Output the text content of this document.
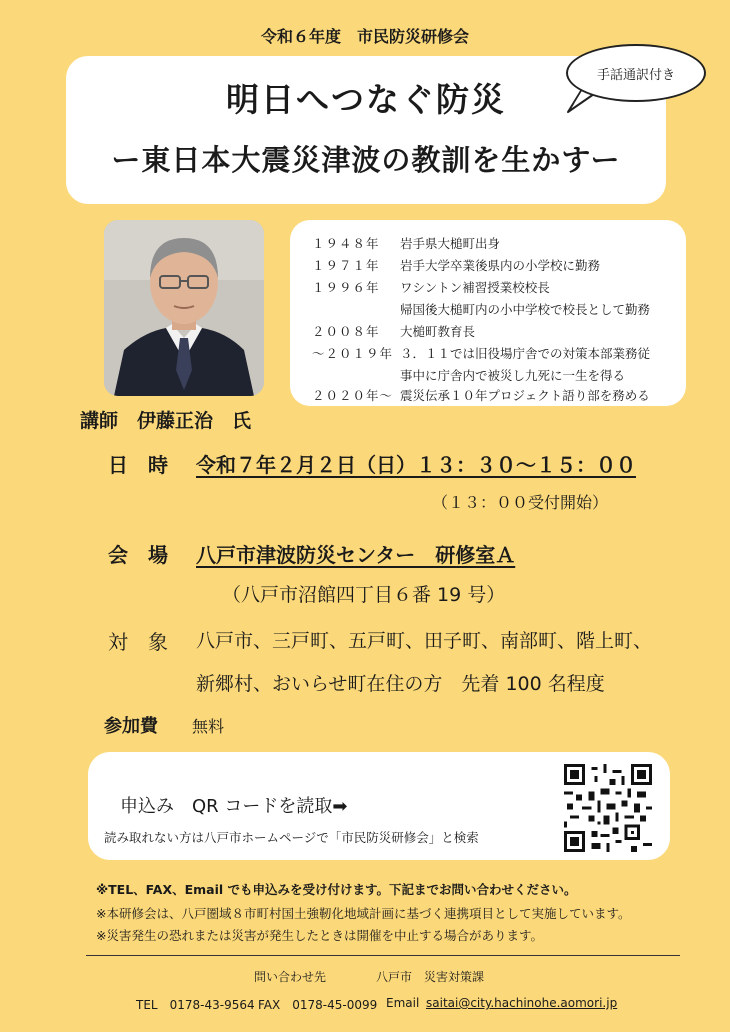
令和６年度　市民防災研修会
明日へつなぐ防災
ー東日本大震災津波の教訓を生かすー
手話通訳付き
１９４８年	岩手県大槌町出身
１９７１年	岩手大学卒業後県内の小学校に勤務
１９９６年	ワシントン補習授業校校長
帰国後大槌町内の小中学校で校長として勤務
２００８年	大槌町教育長
～２０１９年 ３．１１では旧役場庁舎での対策本部業務従
事中に庁舎内で被災し九死に一生を得る
２０２０年～ 震災伝承１０年プロジェクト語り部を務める
講師　伊藤正治　氏
日　時 令和７年２月２日（日）１３：３０～１５：００
（１３：００受付開始）
会　場 八戸市津波防災センター　研修室Ａ
（八戸市沼館四丁目６番 19 号）
対　象 八戸市、三戸町、五戸町、田子町、南部町、階上町、
新郷村、おいらせ町在住の方　先着 100 名程度
参加費 無料
申込み　QR コードを読取➡
読み取れない方は八戸市ホームページで「市民防災研修会」と検索
※TEL、FAX、Email でも申込みを受け付けます。下記までお問い合わせください。
※本研修会は、八戸圏域８市町村国土強靭化地域計画に基づく連携項目として実施しています。
※災害発生の恐れまたは災害が発生したときは開催を中止する場合があります。
問い合わせ先	八戸市　災害対策課
TEL　0178-43-9564 FAX　0178-45-0099 Email saitai@city.hachinohe.aomori.jp
